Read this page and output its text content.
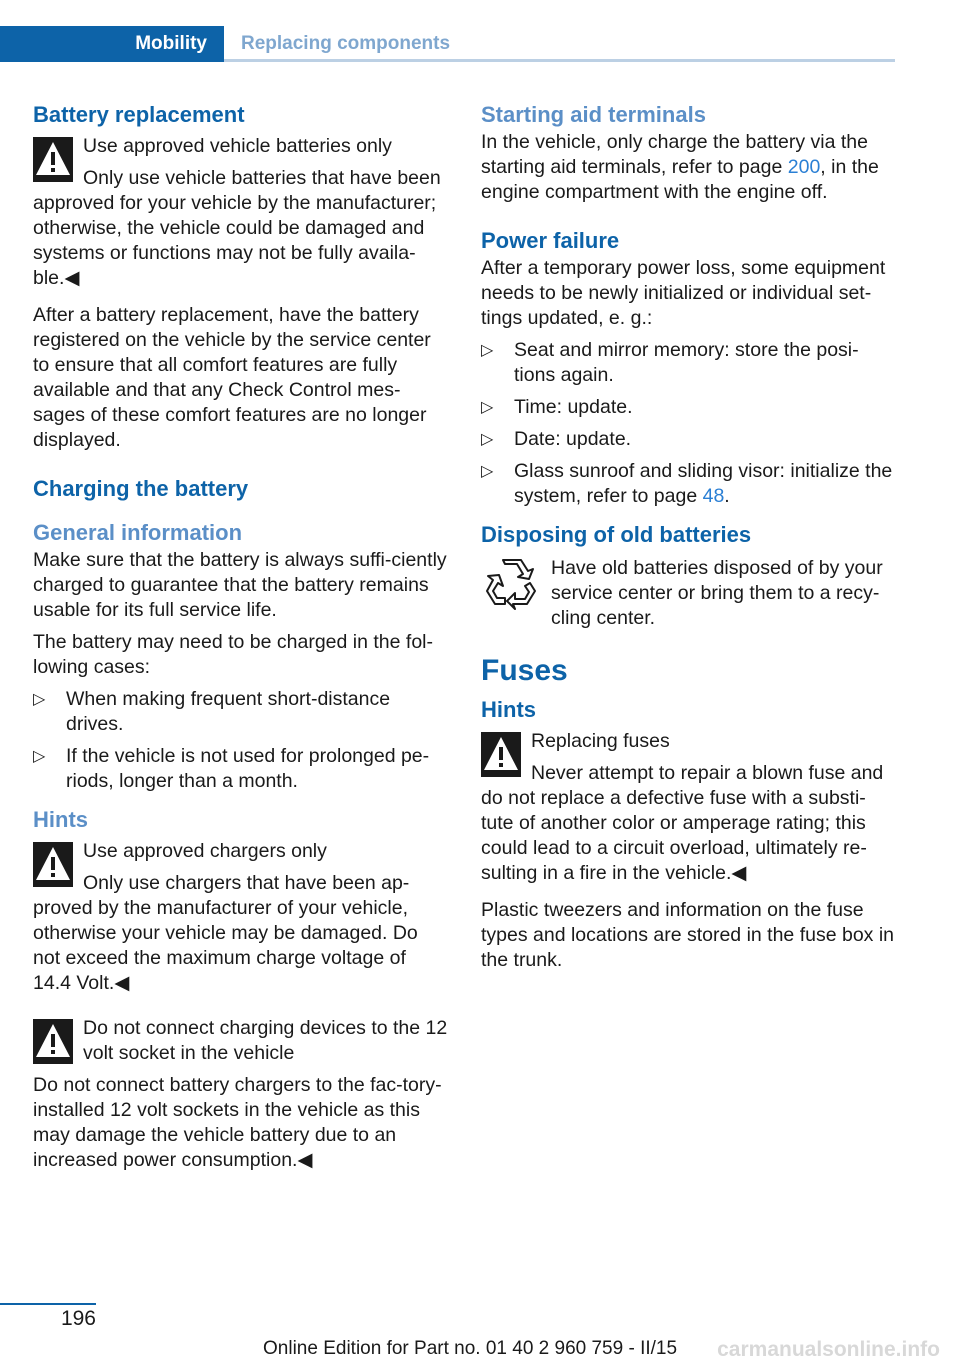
Mobility	Replacing components
Battery replacement
Use approved vehicle batteries only
Only use vehicle batteries that have been approved for your vehicle by the manufacturer; otherwise, the vehicle could be damaged and systems or functions may not be fully availa‐ble.◀

After a battery replacement, have the battery registered on the vehicle by the service center to ensure that all comfort features are fully available and that any Check Control mes‐sages of these comfort features are no longer displayed.

Charging the battery
General information

Make sure that the battery is always suffi‐ciently charged to guarantee that the battery remains usable for its full service life.

The battery may need to be charged in the fol‐lowing cases:

▷ When making frequent short-distance drives.
▷ If the vehicle is not used for prolonged pe‐riods, longer than a month.
Hints
Use approved chargers only
Only use chargers that have been ap‐proved by the manufacturer of your vehicle, otherwise your vehicle may be damaged. Do not exceed the maximum charge voltage of 14.4 Volt.◀
Do not connect charging devices to the 12 volt socket in the vehicle
Do not connect battery chargers to the fac‐tory-installed 12 volt sockets in the vehicle as this may damage the vehicle battery due to an increased power consumption.◀
Starting aid terminals

In the vehicle, only charge the battery via the starting aid terminals, refer to page 200, in the engine compartment with the engine off.

Power failure

After a temporary power loss, some equipment needs to be newly initialized or individual set‐tings updated, e. g.:

▷ Seat and mirror memory: store the posi‐tions again.
▷ Time: update.
▷ Date: update.
▷ Glass sunroof and sliding visor: initialize the system, refer to page 48.
Disposing of old batteries
Have old batteries disposed of by your service center or bring them to a recy‐cling center.
Fuses
Hints
Replacing fuses
Never attempt to repair a blown fuse and do not replace a defective fuse with a substi‐tute of another color or amperage rating; this could lead to a circuit overload, ultimately re‐sulting in a fire in the vehicle.◀

Plastic tweezers and information on the fuse types and locations are stored in the fuse box in the trunk.

196
Online Edition for Part no. 01 40 2 960 759 - II/15 carmanualsonline.info
